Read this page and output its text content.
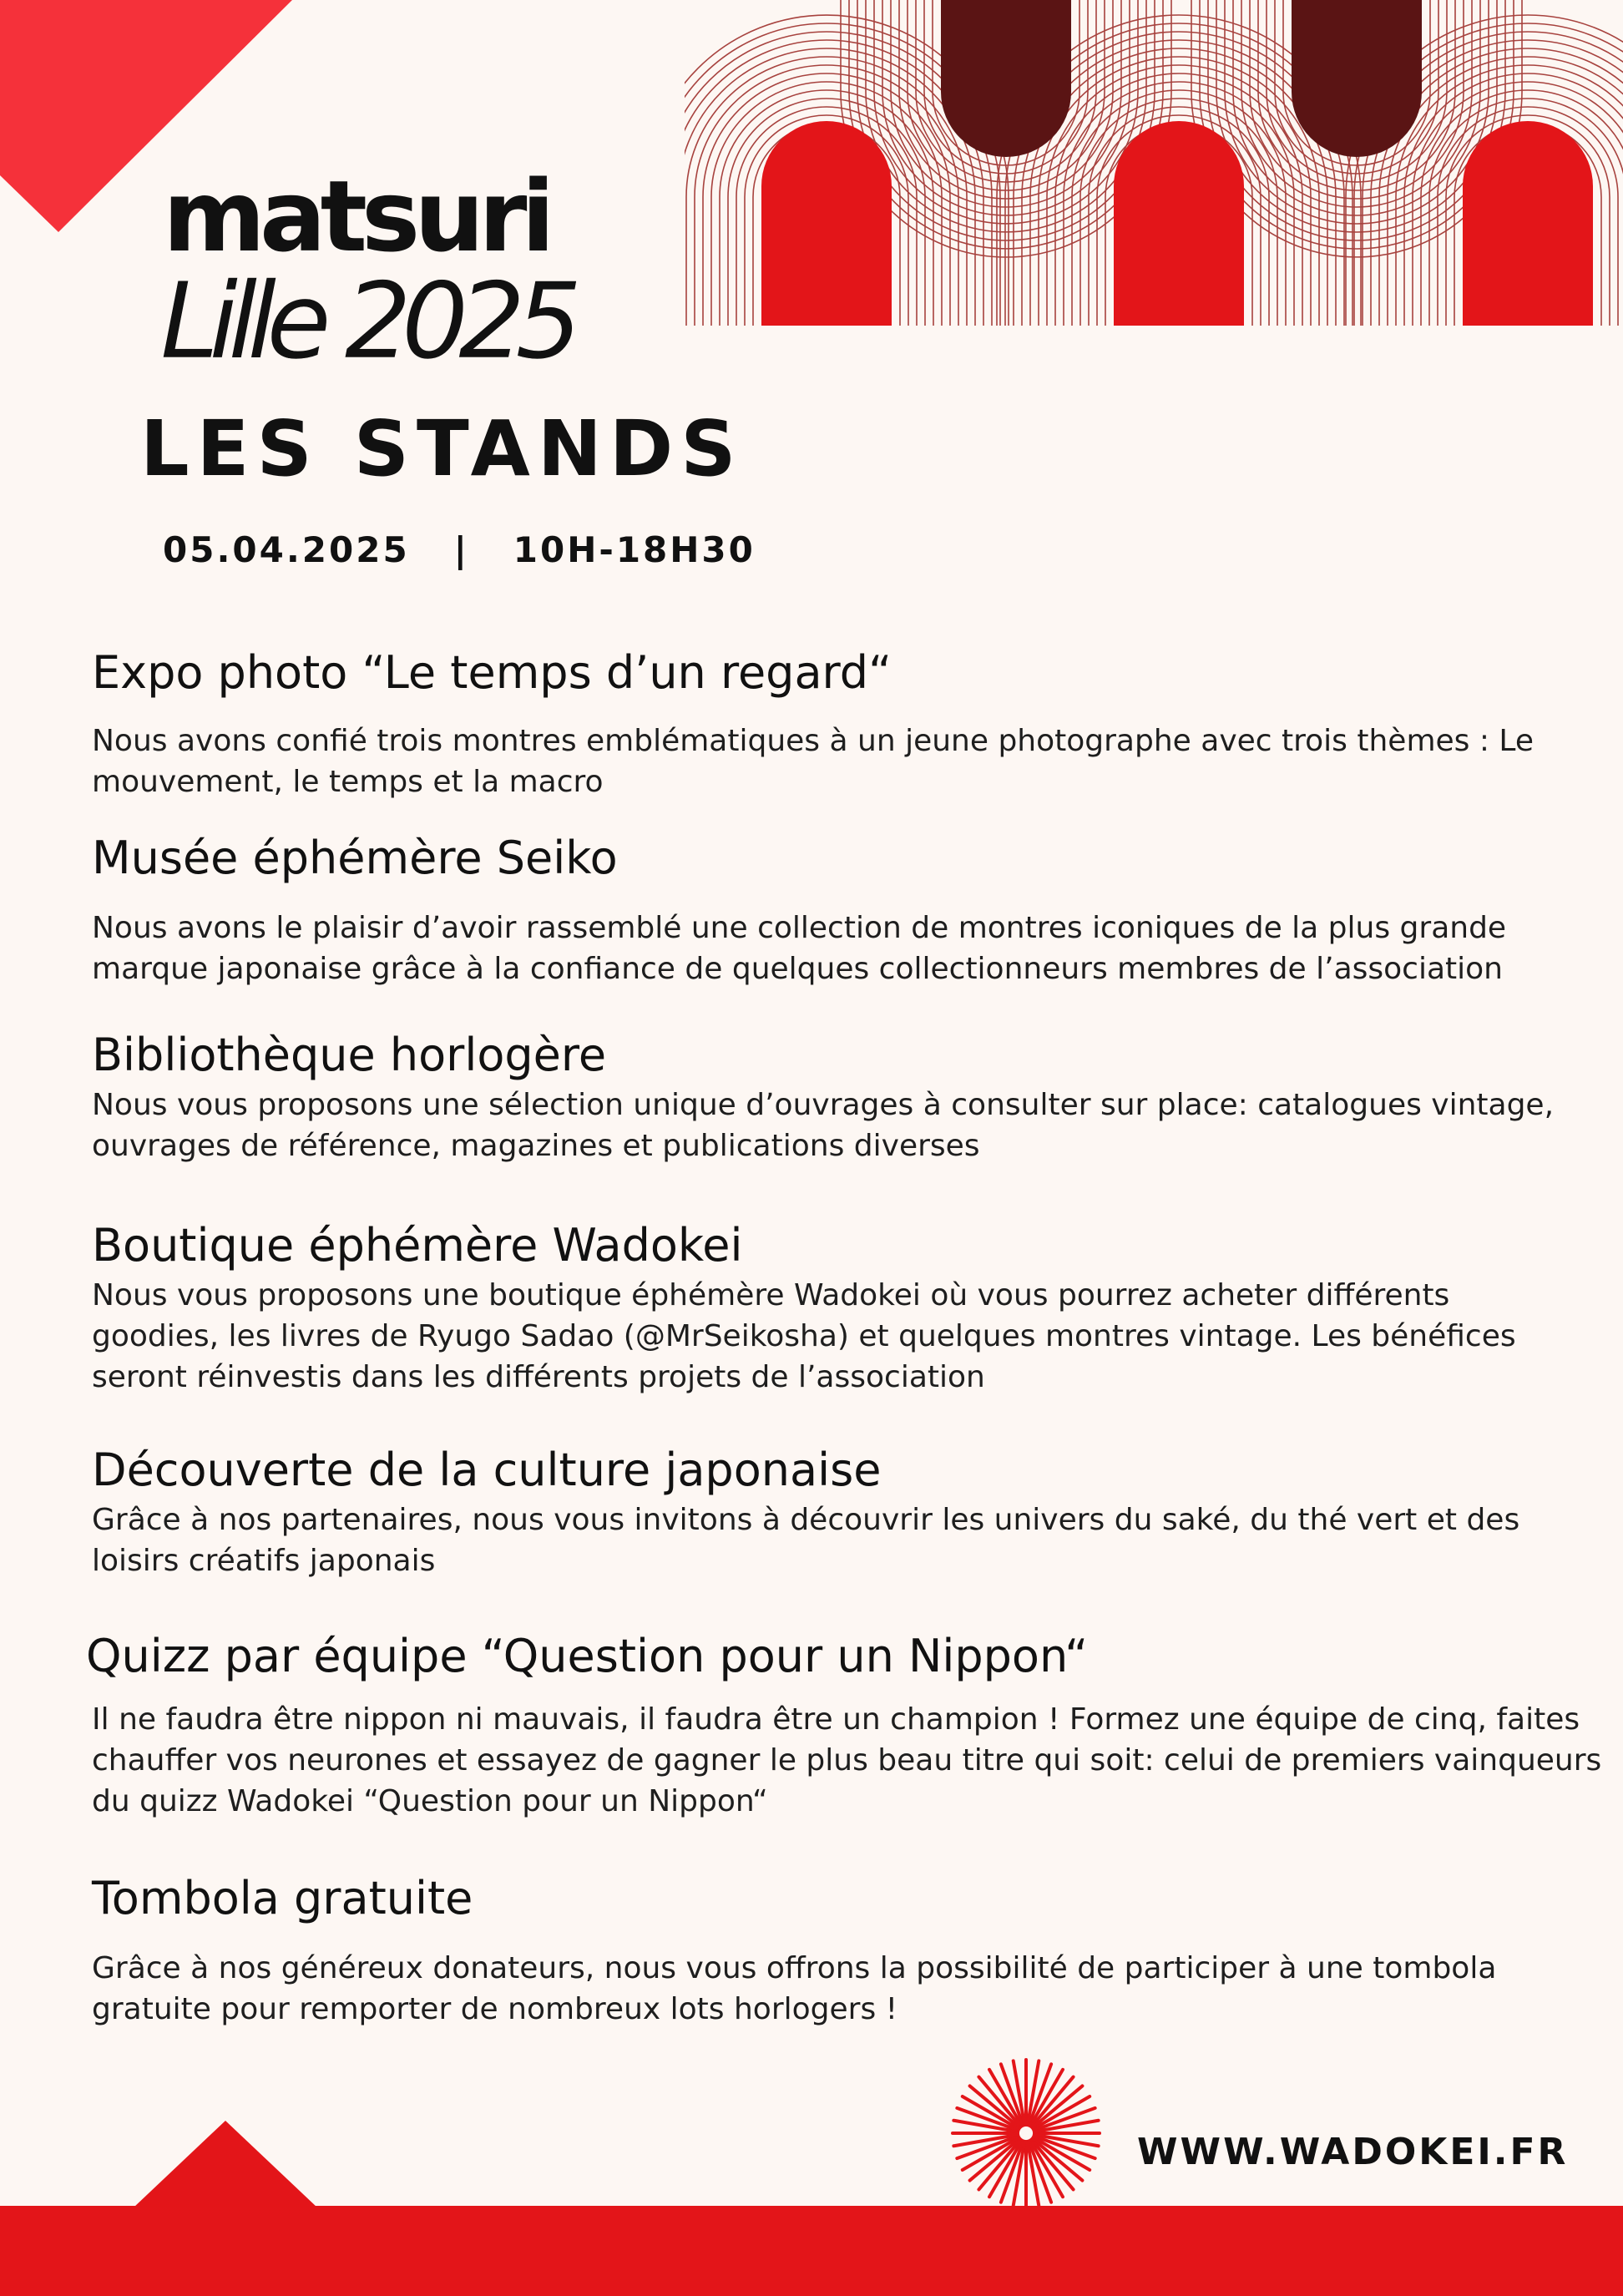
matsuri
Lille 2025
LES STANDS
05.04.2025 | 10H-18H30
Expo photo “Le temps d’un regard“

Nous avons confié trois montres emblématiques à un jeune photographe avec trois thèmes : Le

mouvement, le temps et la macro

Musée éphémère Seiko

Nous avons le plaisir d’avoir rassemblé une collection de montres iconiques de la plus grande

marque japonaise grâce à la confiance de quelques collectionneurs membres de l’association

Bibliothèque horlogère

Nous vous proposons une sélection unique d’ouvrages à consulter sur place: catalogues vintage,

ouvrages de référence, magazines et publications diverses

Boutique éphémère Wadokei

Nous vous proposons une boutique éphémère Wadokei où vous pourrez acheter différents

goodies, les livres de Ryugo Sadao (@MrSeikosha) et quelques montres vintage. Les bénéfices

seront réinvestis dans les différents projets de l’association

Découverte de la culture japonaise

Grâce à nos partenaires, nous vous invitons à découvrir les univers du saké, du thé vert et des

loisirs créatifs japonais

Quizz par équipe “Question pour un Nippon“

Il ne faudra être nippon ni mauvais, il faudra être un champion ! Formez une équipe de cinq, faites

chauffer vos neurones et essayez de gagner le plus beau titre qui soit: celui de premiers vainqueurs

du quizz Wadokei “Question pour un Nippon“

Tombola gratuite

Grâce à nos généreux donateurs, nous vous offrons la possibilité de participer à une tombola

gratuite pour remporter de nombreux lots horlogers !

WWW.WADOKEI.FR
